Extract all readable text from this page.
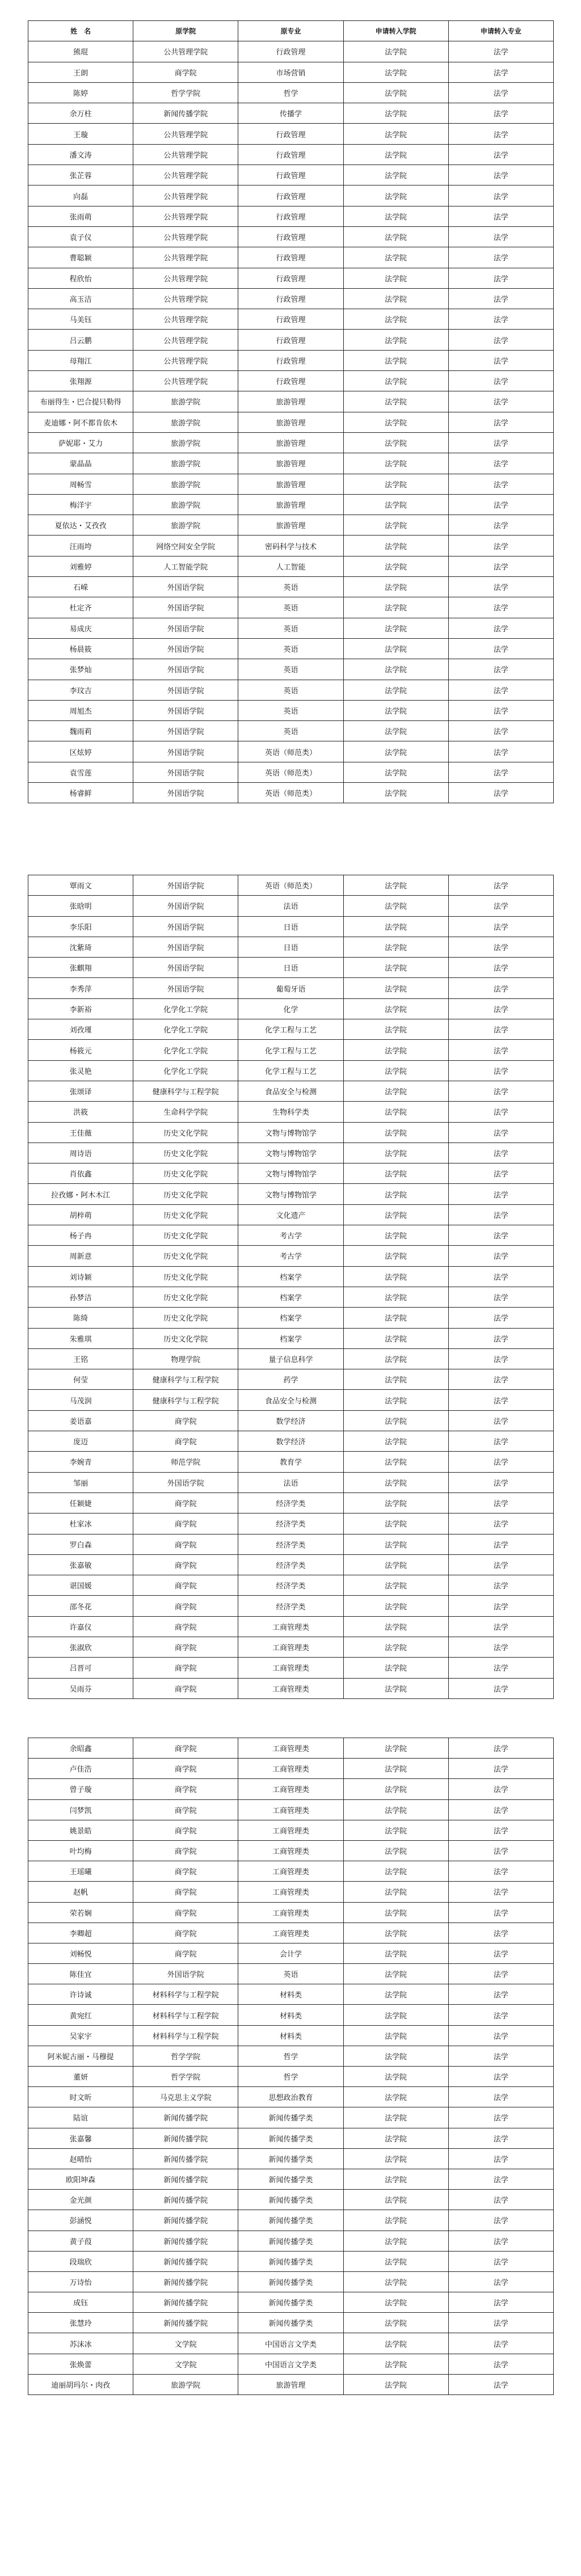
姓　名	原学院	原专业	申请转入学院	申请转入专业
熊琨	公共管理学院	行政管理	法学院	法学
王朗	商学院	市场营销	法学院	法学
陈婷	哲学学院	哲学	法学院	法学
余万柱	新闻传播学院	传播学	法学院	法学
王璇	公共管理学院	行政管理	法学院	法学
潘文涛	公共管理学院	行政管理	法学院	法学
张芷蓉	公共管理学院	行政管理	法学院	法学
向磊	公共管理学院	行政管理	法学院	法学
张雨萌	公共管理学院	行政管理	法学院	法学
袁子仪	公共管理学院	行政管理	法学院	法学
曹聪颖	公共管理学院	行政管理	法学院	法学
程欣怡	公共管理学院	行政管理	法学院	法学
高玉洁	公共管理学院	行政管理	法学院	法学
马美钰	公共管理学院	行政管理	法学院	法学
吕云鹏	公共管理学院	行政管理	法学院	法学
母翔江	公共管理学院	行政管理	法学院	法学
张翔源	公共管理学院	行政管理	法学院	法学
布丽得生・巴合提只勒得	旅游学院	旅游管理	法学院	法学
麦迪娜・阿不都肯依木	旅游学院	旅游管理	法学院	法学
萨妮耶・艾力	旅游学院	旅游管理	法学院	法学
蒙晶晶	旅游学院	旅游管理	法学院	法学
周畅雪	旅游学院	旅游管理	法学院	法学
梅洋宇	旅游学院	旅游管理	法学院	法学
夏依达・艾孜孜	旅游学院	旅游管理	法学院	法学
汪雨垮	网络空间安全学院	密码科学与技术	法学院	法学
刘雅婷	人工智能学院	人工智能	法学院	法学
石嵘	外国语学院	英语	法学院	法学
杜定齐	外国语学院	英语	法学院	法学
易成庆	外国语学院	英语	法学院	法学
杨晨筱	外国语学院	英语	法学院	法学
张梦灿	外国语学院	英语	法学院	法学
李玟吉	外国语学院	英语	法学院	法学
周旭杰	外国语学院	英语	法学院	法学
魏雨莉	外国语学院	英语	法学院	法学
区炫婷	外国语学院	英语（师范类）	法学院	法学
袁雪莲	外国语学院	英语（师范类）	法学院	法学
杨睿鲜	外国语学院	英语（师范类）	法学院	法学
覃雨文	外国语学院	英语（师范类）	法学院	法学
张晗明	外国语学院	法语	法学院	法学
李乐阳	外国语学院	日语	法学院	法学
沈紫琦	外国语学院	日语	法学院	法学
张麒翔	外国语学院	日语	法学院	法学
李秀萍	外国语学院	葡萄牙语	法学院	法学
李新裕	化学化工学院	化学	法学院	法学
刘孜瑾	化学化工学院	化学工程与工艺	法学院	法学
杨筱元	化学化工学院	化学工程与工艺	法学院	法学
张灵艳	化学化工学院	化学工程与工艺	法学院	法学
张颂译	健康科学与工程学院	食品安全与检测	法学院	法学
洪筱	生命科学学院	生物科学类	法学院	法学
王佳薇	历史文化学院	文物与博物馆学	法学院	法学
周诗语	历史文化学院	文物与博物馆学	法学院	法学
肖依鑫	历史文化学院	文物与博物馆学	法学院	法学
拉孜娜・阿木木江	历史文化学院	文物与博物馆学	法学院	法学
胡梓萌	历史文化学院	文化遗产	法学院	法学
杨子冉	历史文化学院	考古学	法学院	法学
周新意	历史文化学院	考古学	法学院	法学
刘诗颖	历史文化学院	档案学	法学院	法学
孙梦洁	历史文化学院	档案学	法学院	法学
陈绮	历史文化学院	档案学	法学院	法学
朱雅琪	历史文化学院	档案学	法学院	法学
王铭	物理学院	量子信息科学	法学院	法学
何莹	健康科学与工程学院	药学	法学院	法学
马茂润	健康科学与工程学院	食品安全与检测	法学院	法学
姜语嘉	商学院	数学经济	法学院	法学
庞迈	商学院	数学经济	法学院	法学
李婉青	师范学院	教育学	法学院	法学
邹丽	外国语学院	法语	法学院	法学
任颖婕	商学院	经济学类	法学院	法学
杜家冰	商学院	经济学类	法学院	法学
罗白森	商学院	经济学类	法学院	法学
张嘉敏	商学院	经济学类	法学院	法学
谌国媛	商学院	经济学类	法学院	法学
邵冬花	商学院	经济学类	法学院	法学
许嘉仪	商学院	工商管理类	法学院	法学
张淑欣	商学院	工商管理类	法学院	法学
吕晋可	商学院	工商管理类	法学院	法学
吴雨芬	商学院	工商管理类	法学院	法学
余昭鑫	商学院	工商管理类	法学院	法学
卢佳浩	商学院	工商管理类	法学院	法学
曾子璇	商学院	工商管理类	法学院	法学
闫梦凯	商学院	工商管理类	法学院	法学
姚景皓	商学院	工商管理类	法学院	法学
叶均梅	商学院	工商管理类	法学院	法学
王瑶曦	商学院	工商管理类	法学院	法学
赵帆	商学院	工商管理类	法学院	法学
荣若娴	商学院	工商管理类	法学院	法学
李卿超	商学院	工商管理类	法学院	法学
刘畅悦	商学院	会计学	法学院	法学
陈佳宜	外国语学院	英语	法学院	法学
许诗诚	材料科学与工程学院	材料类	法学院	法学
黄宛红	材料科学与工程学院	材料类	法学院	法学
吴家宇	材料科学与工程学院	材料类	法学院	法学
阿米妮古丽・马穆提	哲学学院	哲学	法学院	法学
董妍	哲学学院	哲学	法学院	法学
时文昕	马克思主义学院	思想政治教育	法学院	法学
陆谊	新闻传播学院	新闻传播学类	法学院	法学
张嘉馨	新闻传播学院	新闻传播学类	法学院	法学
赵晴怡	新闻传播学院	新闻传播学类	法学院	法学
欧阳坤森	新闻传播学院	新闻传播学类	法学院	法学
金光颜	新闻传播学院	新闻传播学类	法学院	法学
彭涵悦	新闻传播学院	新闻传播学类	法学院	法学
黄子葭	新闻传播学院	新闻传播学类	法学院	法学
段瑞欣	新闻传播学院	新闻传播学类	法学院	法学
万诗怡	新闻传播学院	新闻传播学类	法学院	法学
成钰	新闻传播学院	新闻传播学类	法学院	法学
张慧玲	新闻传播学院	新闻传播学类	法学院	法学
苏沫冰	文学院	中国语言文学类	法学院	法学
张焕蕾	文学院	中国语言文学类	法学院	法学
迪丽胡玛尔・肉孜	旅游学院	旅游管理	法学院	法学
